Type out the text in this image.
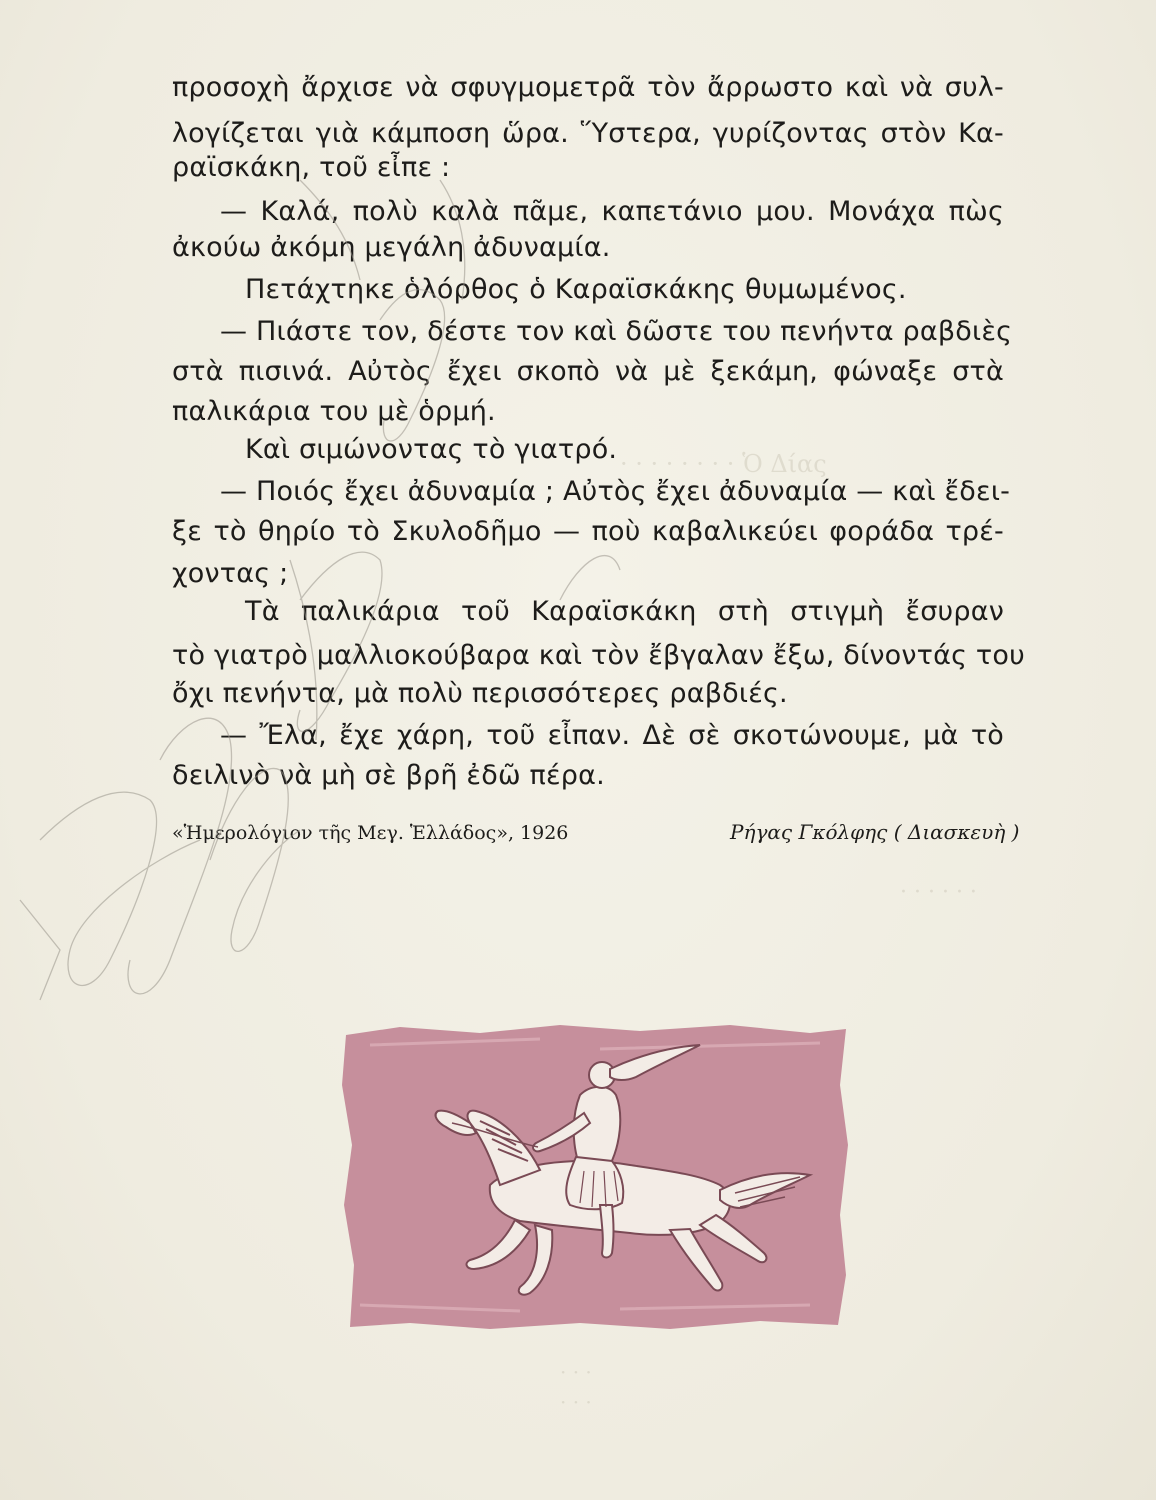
· · · · · · · · Ὁ Δίας
· · · · · ·
· · ·
· · ·
προσοχὴ ἄρχισε νὰ σφυγμομετρᾶ τὸν ἄρρωστο καὶ νὰ συλ-
λογίζεται γιὰ κάμποση ὥρα. Ὕστερα, γυρίζοντας στὸν Κα-
ραϊσκάκη, τοῦ εἶπε :
— Καλά, πολὺ καλὰ πᾶμε, καπετάνιο μου. Μονάχα πὼς
ἀκούω ἀκόμη μεγάλη ἀδυναμία.
Πετάχτηκε ὁλόρθος ὁ Καραϊσκάκης θυμωμένος.
— Πιάστε τον, δέστε τον καὶ δῶστε του πενήντα ραβδιὲς
στὰ πισινά. Αὐτὸς ἔχει σκοπὸ νὰ μὲ ξεκάμη, φώναξε στὰ
παλικάρια του μὲ ὁρμή.
Καὶ σιμώνοντας τὸ γιατρό.
— Ποιός ἔχει ἀδυναμία ; Αὐτὸς ἔχει ἀδυναμία — καὶ ἔδει-
ξε τὸ θηρίο τὸ Σκυλοδῆμο — ποὺ καβαλικεύει φοράδα τρέ-
χοντας ;
Τὰ παλικάρια τοῦ Καραϊσκάκη στὴ στιγμὴ ἔσυραν
τὸ γιατρὸ μαλλιοκούβαρα καὶ τὸν ἔβγαλαν ἔξω, δίνοντάς του
ὄχι πενήντα, μὰ πολὺ περισσότερες ραβδιές.
— Ἔλα, ἔχε χάρη, τοῦ εἶπαν. Δὲ σὲ σκοτώνουμε, μὰ τὸ
δειλινὸ νὰ μὴ σὲ βρῆ ἐδῶ πέρα.
«Ἡμερολόγιον τῆς Μεγ. Ἑλλάδος», 1926	Ρήγας Γκόλφης ( Διασκευὴ )
